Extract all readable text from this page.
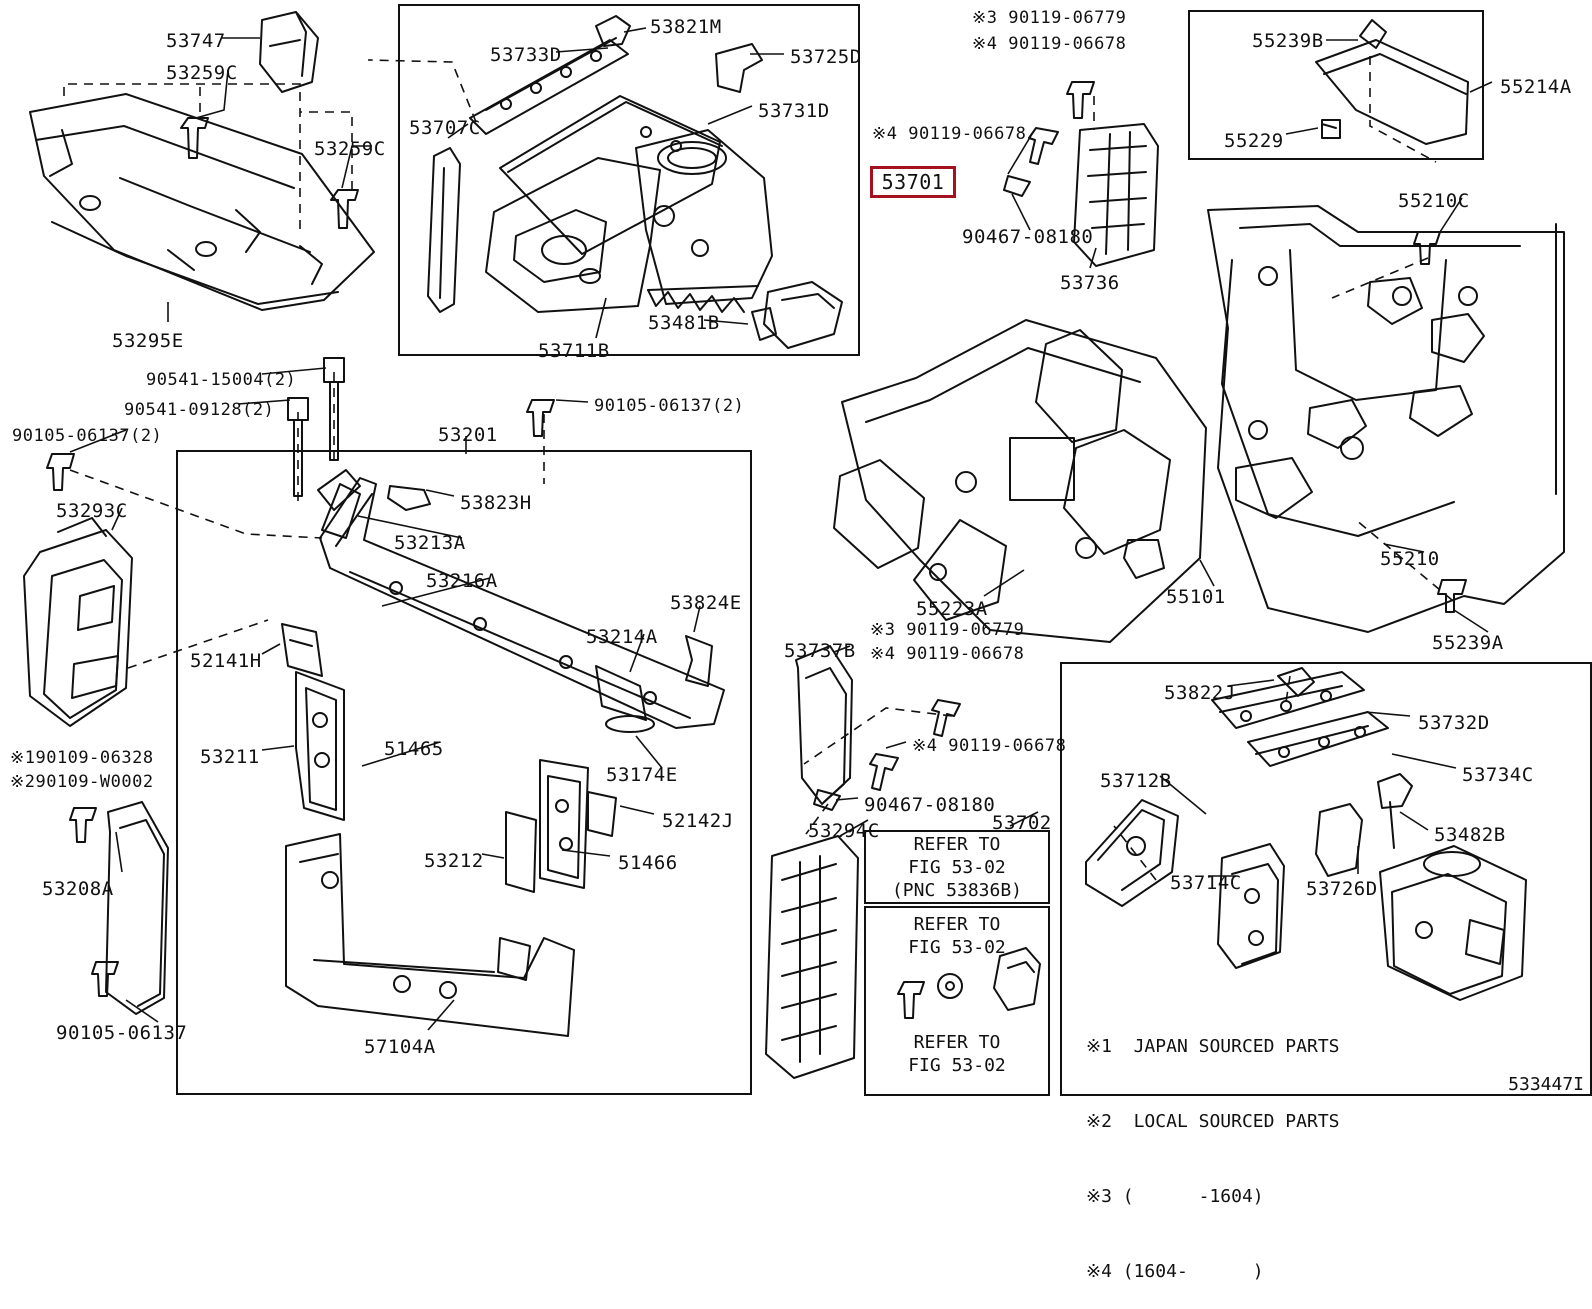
53701
REFER TO
FIG 53-02
(PNC 53836B)
REFER TO
FIG 53-02
REFER TO
FIG 53-02

※1  JAPAN SOURCED PARTS

※2  LOCAL SOURCED PARTS

※3 (      -1604)

※4 (1604-      )

533447I
53747
53259C
53259C
53295E
53733D
53821M
53725D
53731D
53707C
53711B
53481B
※3 90119-06779
※4 90119-06678
※4 90119-06678
90467-08180
53736
55239B
55229
55214A
55210C
55210
55101
55239A
55223A
※3 90119-06779
※4 90119-06678
90541-15004(2)
90541-09128(2)
90105-06137(2)
90105-06137(2)
53201
53293C	53823H
53213A
53216A
53824E
53214A
52141H
53211	51465
53174E
52142J
53212	51466
57104A
※190109-06328
※290109-W0002
53208A
90105-06137
53737B
※4 90119-06678
90467-08180
53702
53294C
53822J
53732D
53712B	53734C
53714C	53726D
53482B
